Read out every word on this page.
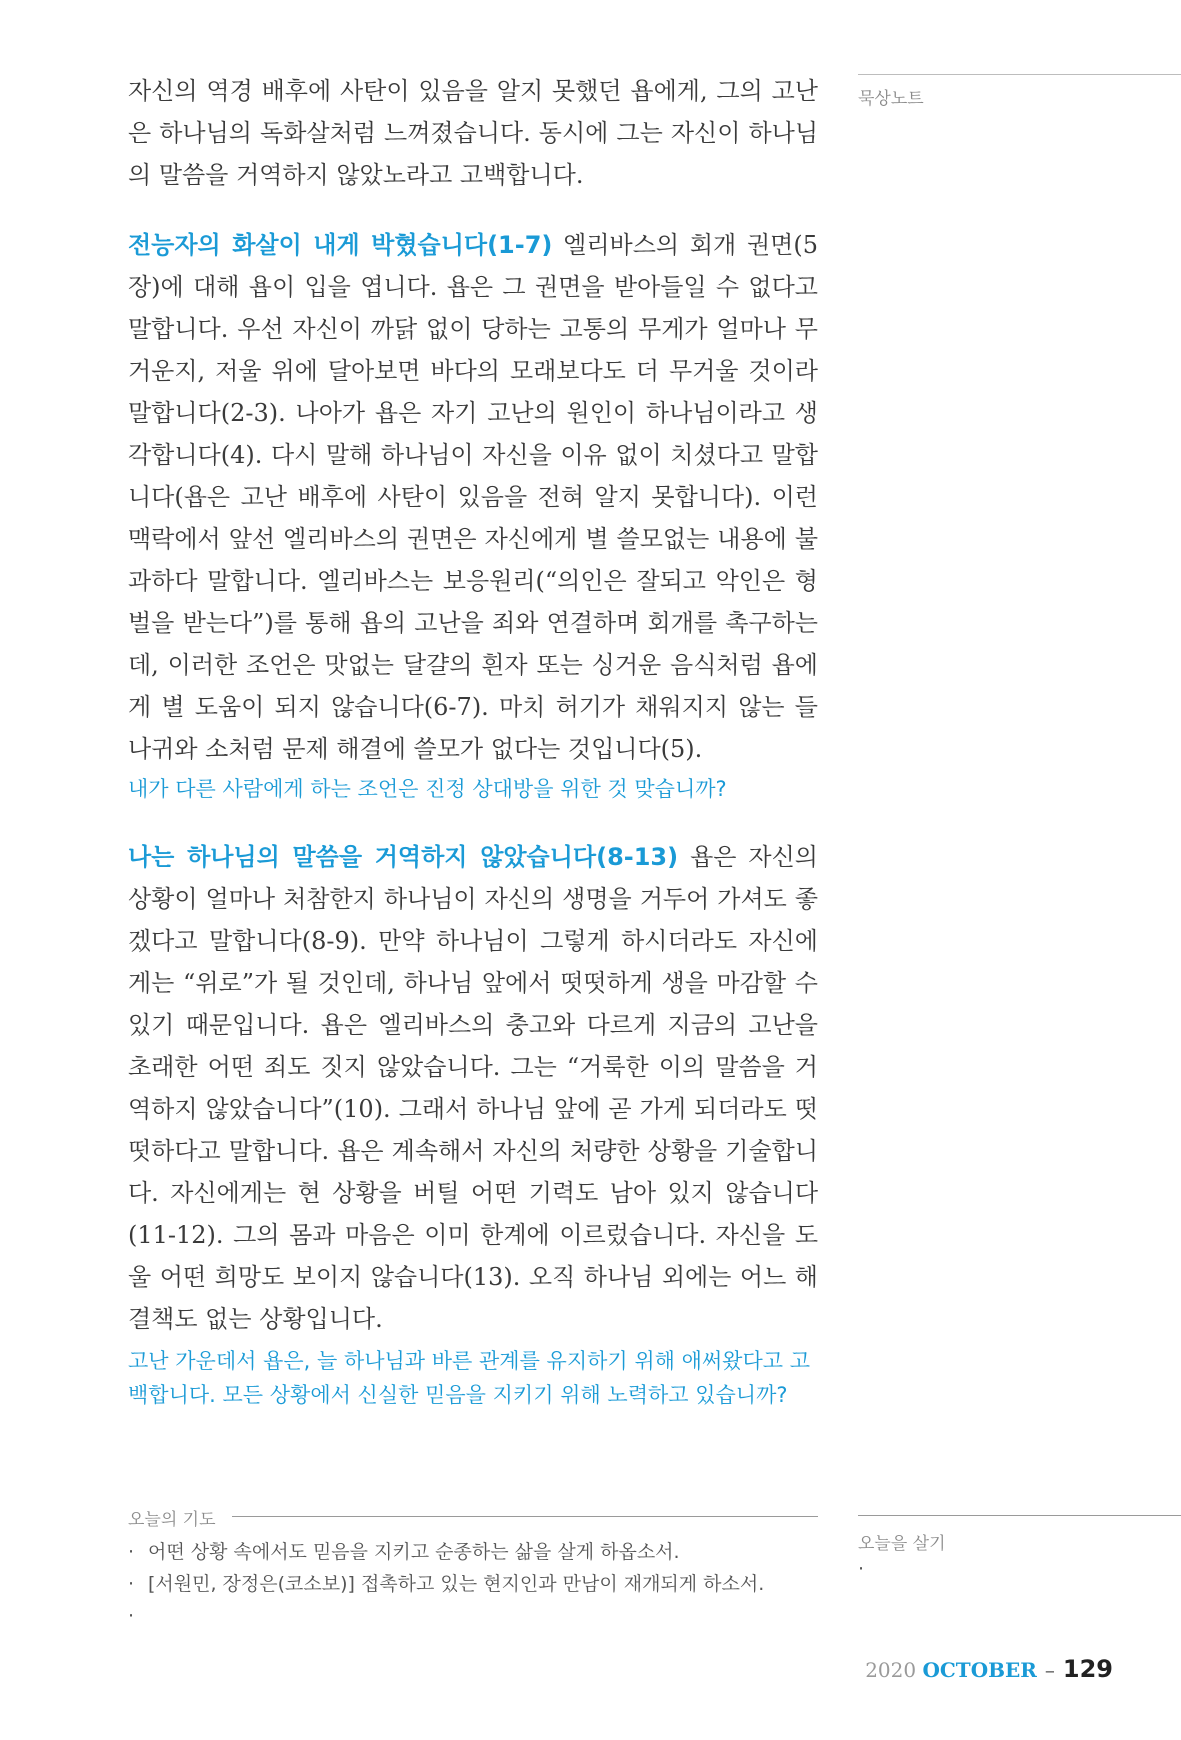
묵상노트

자신의 역경 배후에 사탄이 있음을 알지 못했던 욥에게, 그의 고난은 하나님의 독화살처럼 느껴졌습니다. 동시에 그는 자신이 하나님의 말씀을 거역하지 않았노라고 고백합니다.

전능자의 화살이 내게 박혔습니다(1-7) 엘리바스의 회개 권면(5장)에 대해 욥이 입을 엽니다. 욥은 그 권면을 받아들일 수 없다고 말합니다. 우선 자신이 까닭 없이 당하는 고통의 무게가 얼마나 무거운지, 저울 위에 달아보면 바다의 모래보다도 더 무거울 것이라 말합니다(2-3). 나아가 욥은 자기 고난의 원인이 하나님이라고 생각합니다(4). 다시 말해 하나님이 자신을 이유 없이 치셨다고 말합니다(욥은 고난 배후에 사탄이 있음을 전혀 알지 못합니다). 이런 맥락에서 앞선 엘리바스의 권면은 자신에게 별 쓸모없는 내용에 불과하다 말합니다. 엘리바스는 보응원리(“의인은 잘되고 악인은 형벌을 받는다”)를 통해 욥의 고난을 죄와 연결하며 회개를 촉구하는데, 이러한 조언은 맛없는 달걀의 흰자 또는 싱거운 음식처럼 욥에게 별 도움이 되지 않습니다(6-7). 마치 허기가 채워지지 않는 들나귀와 소처럼 문제 해결에 쓸모가 없다는 것입니다(5).

내가 다른 사람에게 하는 조언은 진정 상대방을 위한 것 맞습니까?

나는 하나님의 말씀을 거역하지 않았습니다(8-13) 욥은 자신의 상황이 얼마나 처참한지 하나님이 자신의 생명을 거두어 가셔도 좋겠다고 말합니다(8-9). 만약 하나님이 그렇게 하시더라도 자신에게는 “위로”가 될 것인데, 하나님 앞에서 떳떳하게 생을 마감할 수 있기 때문입니다. 욥은 엘리바스의 충고와 다르게 지금의 고난을 초래한 어떤 죄도 짓지 않았습니다. 그는 “거룩한 이의 말씀을 거역하지 않았습니다”(10). 그래서 하나님 앞에 곧 가게 되더라도 떳떳하다고 말합니다. 욥은 계속해서 자신의 처량한 상황을 기술합니다. 자신에게는 현 상황을 버틸 어떤 기력도 남아 있지 않습니다(11-12). 그의 몸과 마음은 이미 한계에 이르렀습니다. 자신을 도울 어떤 희망도 보이지 않습니다(13). 오직 하나님 외에는 어느 해결책도 없는 상황입니다.

고난 가운데서 욥은, 늘 하나님과 바른 관계를 유지하기 위해 애써왔다고 고백합니다. 모든 상황에서 신실한 믿음을 지키기 위해 노력하고 있습니까?

오늘의 기도
· 어떤 상황 속에서도 믿음을 지키고 순종하는 삶을 살게 하옵소서.
· [서원민, 장정은(코소보)] 접촉하고 있는 현지인과 만남이 재개되게 하소서.
·
오늘을 살기
·
2020 OCTOBER – 129
